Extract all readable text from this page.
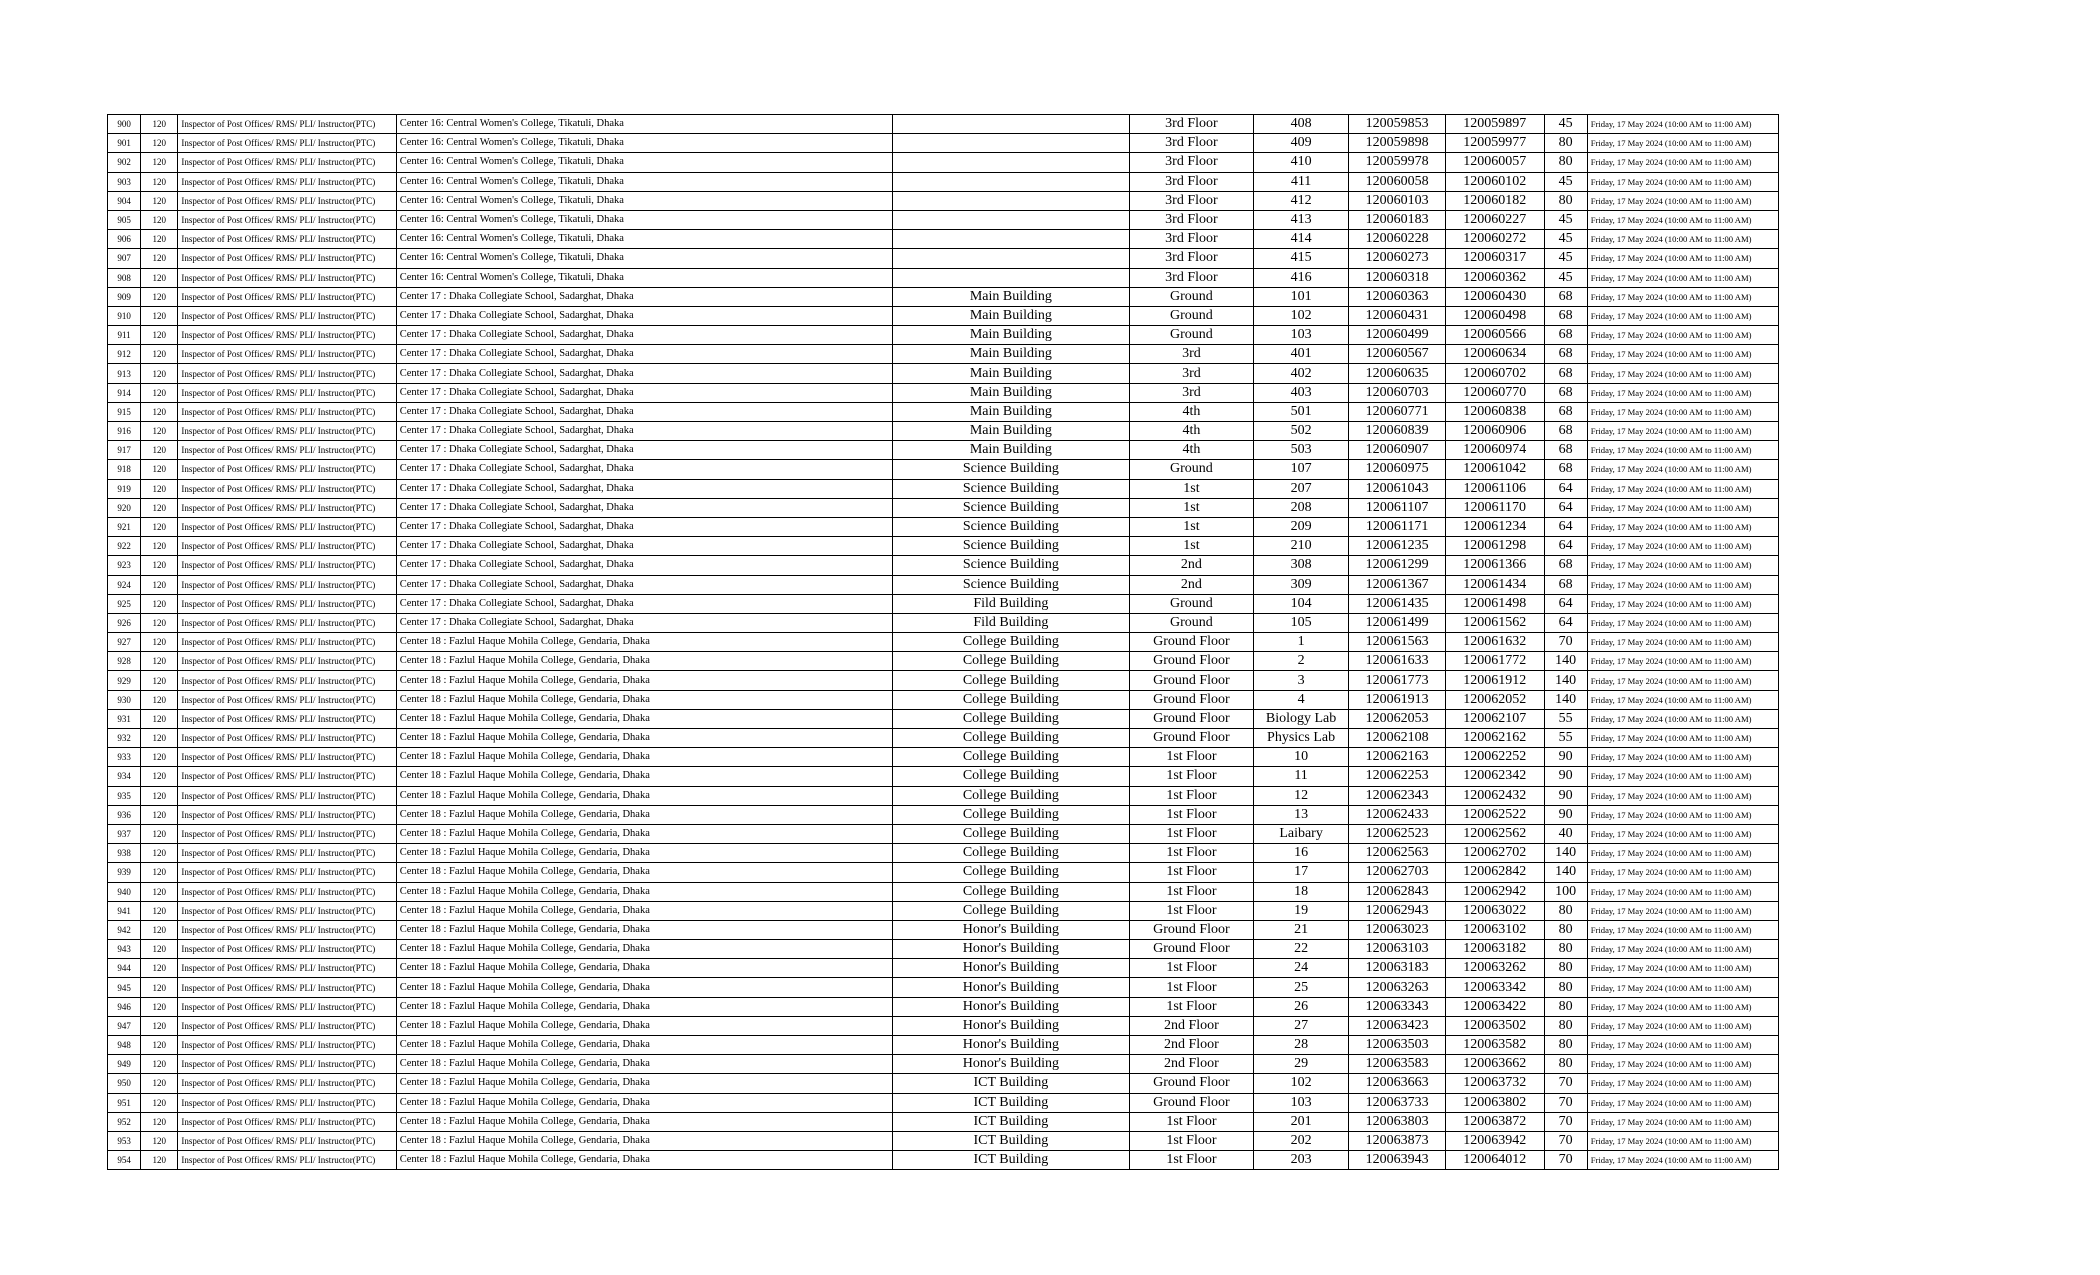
900	120	Inspector of Post Offices/ RMS/ PLI/ Instructor(PTC)	Center 16: Central Women's College, Tikatuli, Dhaka		3rd Floor	408	120059853	120059897	45	Friday, 17 May 2024 (10:00 AM to 11:00 AM)
901	120	Inspector of Post Offices/ RMS/ PLI/ Instructor(PTC)	Center 16: Central Women's College, Tikatuli, Dhaka		3rd Floor	409	120059898	120059977	80	Friday, 17 May 2024 (10:00 AM to 11:00 AM)
902	120	Inspector of Post Offices/ RMS/ PLI/ Instructor(PTC)	Center 16: Central Women's College, Tikatuli, Dhaka		3rd Floor	410	120059978	120060057	80	Friday, 17 May 2024 (10:00 AM to 11:00 AM)
903	120	Inspector of Post Offices/ RMS/ PLI/ Instructor(PTC)	Center 16: Central Women's College, Tikatuli, Dhaka		3rd Floor	411	120060058	120060102	45	Friday, 17 May 2024 (10:00 AM to 11:00 AM)
904	120	Inspector of Post Offices/ RMS/ PLI/ Instructor(PTC)	Center 16: Central Women's College, Tikatuli, Dhaka		3rd Floor	412	120060103	120060182	80	Friday, 17 May 2024 (10:00 AM to 11:00 AM)
905	120	Inspector of Post Offices/ RMS/ PLI/ Instructor(PTC)	Center 16: Central Women's College, Tikatuli, Dhaka		3rd Floor	413	120060183	120060227	45	Friday, 17 May 2024 (10:00 AM to 11:00 AM)
906	120	Inspector of Post Offices/ RMS/ PLI/ Instructor(PTC)	Center 16: Central Women's College, Tikatuli, Dhaka		3rd Floor	414	120060228	120060272	45	Friday, 17 May 2024 (10:00 AM to 11:00 AM)
907	120	Inspector of Post Offices/ RMS/ PLI/ Instructor(PTC)	Center 16: Central Women's College, Tikatuli, Dhaka		3rd Floor	415	120060273	120060317	45	Friday, 17 May 2024 (10:00 AM to 11:00 AM)
908	120	Inspector of Post Offices/ RMS/ PLI/ Instructor(PTC)	Center 16: Central Women's College, Tikatuli, Dhaka		3rd Floor	416	120060318	120060362	45	Friday, 17 May 2024 (10:00 AM to 11:00 AM)
909	120	Inspector of Post Offices/ RMS/ PLI/ Instructor(PTC)	Center 17 : Dhaka Collegiate School, Sadarghat, Dhaka	Main Building	Ground	101	120060363	120060430	68	Friday, 17 May 2024 (10:00 AM to 11:00 AM)
910	120	Inspector of Post Offices/ RMS/ PLI/ Instructor(PTC)	Center 17 : Dhaka Collegiate School, Sadarghat, Dhaka	Main Building	Ground	102	120060431	120060498	68	Friday, 17 May 2024 (10:00 AM to 11:00 AM)
911	120	Inspector of Post Offices/ RMS/ PLI/ Instructor(PTC)	Center 17 : Dhaka Collegiate School, Sadarghat, Dhaka	Main Building	Ground	103	120060499	120060566	68	Friday, 17 May 2024 (10:00 AM to 11:00 AM)
912	120	Inspector of Post Offices/ RMS/ PLI/ Instructor(PTC)	Center 17 : Dhaka Collegiate School, Sadarghat, Dhaka	Main Building	3rd	401	120060567	120060634	68	Friday, 17 May 2024 (10:00 AM to 11:00 AM)
913	120	Inspector of Post Offices/ RMS/ PLI/ Instructor(PTC)	Center 17 : Dhaka Collegiate School, Sadarghat, Dhaka	Main Building	3rd	402	120060635	120060702	68	Friday, 17 May 2024 (10:00 AM to 11:00 AM)
914	120	Inspector of Post Offices/ RMS/ PLI/ Instructor(PTC)	Center 17 : Dhaka Collegiate School, Sadarghat, Dhaka	Main Building	3rd	403	120060703	120060770	68	Friday, 17 May 2024 (10:00 AM to 11:00 AM)
915	120	Inspector of Post Offices/ RMS/ PLI/ Instructor(PTC)	Center 17 : Dhaka Collegiate School, Sadarghat, Dhaka	Main Building	4th	501	120060771	120060838	68	Friday, 17 May 2024 (10:00 AM to 11:00 AM)
916	120	Inspector of Post Offices/ RMS/ PLI/ Instructor(PTC)	Center 17 : Dhaka Collegiate School, Sadarghat, Dhaka	Main Building	4th	502	120060839	120060906	68	Friday, 17 May 2024 (10:00 AM to 11:00 AM)
917	120	Inspector of Post Offices/ RMS/ PLI/ Instructor(PTC)	Center 17 : Dhaka Collegiate School, Sadarghat, Dhaka	Main Building	4th	503	120060907	120060974	68	Friday, 17 May 2024 (10:00 AM to 11:00 AM)
918	120	Inspector of Post Offices/ RMS/ PLI/ Instructor(PTC)	Center 17 : Dhaka Collegiate School, Sadarghat, Dhaka	Science Building	Ground	107	120060975	120061042	68	Friday, 17 May 2024 (10:00 AM to 11:00 AM)
919	120	Inspector of Post Offices/ RMS/ PLI/ Instructor(PTC)	Center 17 : Dhaka Collegiate School, Sadarghat, Dhaka	Science Building	1st	207	120061043	120061106	64	Friday, 17 May 2024 (10:00 AM to 11:00 AM)
920	120	Inspector of Post Offices/ RMS/ PLI/ Instructor(PTC)	Center 17 : Dhaka Collegiate School, Sadarghat, Dhaka	Science Building	1st	208	120061107	120061170	64	Friday, 17 May 2024 (10:00 AM to 11:00 AM)
921	120	Inspector of Post Offices/ RMS/ PLI/ Instructor(PTC)	Center 17 : Dhaka Collegiate School, Sadarghat, Dhaka	Science Building	1st	209	120061171	120061234	64	Friday, 17 May 2024 (10:00 AM to 11:00 AM)
922	120	Inspector of Post Offices/ RMS/ PLI/ Instructor(PTC)	Center 17 : Dhaka Collegiate School, Sadarghat, Dhaka	Science Building	1st	210	120061235	120061298	64	Friday, 17 May 2024 (10:00 AM to 11:00 AM)
923	120	Inspector of Post Offices/ RMS/ PLI/ Instructor(PTC)	Center 17 : Dhaka Collegiate School, Sadarghat, Dhaka	Science Building	2nd	308	120061299	120061366	68	Friday, 17 May 2024 (10:00 AM to 11:00 AM)
924	120	Inspector of Post Offices/ RMS/ PLI/ Instructor(PTC)	Center 17 : Dhaka Collegiate School, Sadarghat, Dhaka	Science Building	2nd	309	120061367	120061434	68	Friday, 17 May 2024 (10:00 AM to 11:00 AM)
925	120	Inspector of Post Offices/ RMS/ PLI/ Instructor(PTC)	Center 17 : Dhaka Collegiate School, Sadarghat, Dhaka	Fild Building	Ground	104	120061435	120061498	64	Friday, 17 May 2024 (10:00 AM to 11:00 AM)
926	120	Inspector of Post Offices/ RMS/ PLI/ Instructor(PTC)	Center 17 : Dhaka Collegiate School, Sadarghat, Dhaka	Fild Building	Ground	105	120061499	120061562	64	Friday, 17 May 2024 (10:00 AM to 11:00 AM)
927	120	Inspector of Post Offices/ RMS/ PLI/ Instructor(PTC)	Center 18 : Fazlul Haque Mohila College, Gendaria, Dhaka	College Building	Ground Floor	1	120061563	120061632	70	Friday, 17 May 2024 (10:00 AM to 11:00 AM)
928	120	Inspector of Post Offices/ RMS/ PLI/ Instructor(PTC)	Center 18 : Fazlul Haque Mohila College, Gendaria, Dhaka	College Building	Ground Floor	2	120061633	120061772	140	Friday, 17 May 2024 (10:00 AM to 11:00 AM)
929	120	Inspector of Post Offices/ RMS/ PLI/ Instructor(PTC)	Center 18 : Fazlul Haque Mohila College, Gendaria, Dhaka	College Building	Ground Floor	3	120061773	120061912	140	Friday, 17 May 2024 (10:00 AM to 11:00 AM)
930	120	Inspector of Post Offices/ RMS/ PLI/ Instructor(PTC)	Center 18 : Fazlul Haque Mohila College, Gendaria, Dhaka	College Building	Ground Floor	4	120061913	120062052	140	Friday, 17 May 2024 (10:00 AM to 11:00 AM)
931	120	Inspector of Post Offices/ RMS/ PLI/ Instructor(PTC)	Center 18 : Fazlul Haque Mohila College, Gendaria, Dhaka	College Building	Ground Floor	Biology Lab	120062053	120062107	55	Friday, 17 May 2024 (10:00 AM to 11:00 AM)
932	120	Inspector of Post Offices/ RMS/ PLI/ Instructor(PTC)	Center 18 : Fazlul Haque Mohila College, Gendaria, Dhaka	College Building	Ground Floor	Physics Lab	120062108	120062162	55	Friday, 17 May 2024 (10:00 AM to 11:00 AM)
933	120	Inspector of Post Offices/ RMS/ PLI/ Instructor(PTC)	Center 18 : Fazlul Haque Mohila College, Gendaria, Dhaka	College Building	1st Floor	10	120062163	120062252	90	Friday, 17 May 2024 (10:00 AM to 11:00 AM)
934	120	Inspector of Post Offices/ RMS/ PLI/ Instructor(PTC)	Center 18 : Fazlul Haque Mohila College, Gendaria, Dhaka	College Building	1st Floor	11	120062253	120062342	90	Friday, 17 May 2024 (10:00 AM to 11:00 AM)
935	120	Inspector of Post Offices/ RMS/ PLI/ Instructor(PTC)	Center 18 : Fazlul Haque Mohila College, Gendaria, Dhaka	College Building	1st Floor	12	120062343	120062432	90	Friday, 17 May 2024 (10:00 AM to 11:00 AM)
936	120	Inspector of Post Offices/ RMS/ PLI/ Instructor(PTC)	Center 18 : Fazlul Haque Mohila College, Gendaria, Dhaka	College Building	1st Floor	13	120062433	120062522	90	Friday, 17 May 2024 (10:00 AM to 11:00 AM)
937	120	Inspector of Post Offices/ RMS/ PLI/ Instructor(PTC)	Center 18 : Fazlul Haque Mohila College, Gendaria, Dhaka	College Building	1st Floor	Laibary	120062523	120062562	40	Friday, 17 May 2024 (10:00 AM to 11:00 AM)
938	120	Inspector of Post Offices/ RMS/ PLI/ Instructor(PTC)	Center 18 : Fazlul Haque Mohila College, Gendaria, Dhaka	College Building	1st Floor	16	120062563	120062702	140	Friday, 17 May 2024 (10:00 AM to 11:00 AM)
939	120	Inspector of Post Offices/ RMS/ PLI/ Instructor(PTC)	Center 18 : Fazlul Haque Mohila College, Gendaria, Dhaka	College Building	1st Floor	17	120062703	120062842	140	Friday, 17 May 2024 (10:00 AM to 11:00 AM)
940	120	Inspector of Post Offices/ RMS/ PLI/ Instructor(PTC)	Center 18 : Fazlul Haque Mohila College, Gendaria, Dhaka	College Building	1st Floor	18	120062843	120062942	100	Friday, 17 May 2024 (10:00 AM to 11:00 AM)
941	120	Inspector of Post Offices/ RMS/ PLI/ Instructor(PTC)	Center 18 : Fazlul Haque Mohila College, Gendaria, Dhaka	College Building	1st Floor	19	120062943	120063022	80	Friday, 17 May 2024 (10:00 AM to 11:00 AM)
942	120	Inspector of Post Offices/ RMS/ PLI/ Instructor(PTC)	Center 18 : Fazlul Haque Mohila College, Gendaria, Dhaka	Honor's Building	Ground Floor	21	120063023	120063102	80	Friday, 17 May 2024 (10:00 AM to 11:00 AM)
943	120	Inspector of Post Offices/ RMS/ PLI/ Instructor(PTC)	Center 18 : Fazlul Haque Mohila College, Gendaria, Dhaka	Honor's Building	Ground Floor	22	120063103	120063182	80	Friday, 17 May 2024 (10:00 AM to 11:00 AM)
944	120	Inspector of Post Offices/ RMS/ PLI/ Instructor(PTC)	Center 18 : Fazlul Haque Mohila College, Gendaria, Dhaka	Honor's Building	1st Floor	24	120063183	120063262	80	Friday, 17 May 2024 (10:00 AM to 11:00 AM)
945	120	Inspector of Post Offices/ RMS/ PLI/ Instructor(PTC)	Center 18 : Fazlul Haque Mohila College, Gendaria, Dhaka	Honor's Building	1st Floor	25	120063263	120063342	80	Friday, 17 May 2024 (10:00 AM to 11:00 AM)
946	120	Inspector of Post Offices/ RMS/ PLI/ Instructor(PTC)	Center 18 : Fazlul Haque Mohila College, Gendaria, Dhaka	Honor's Building	1st Floor	26	120063343	120063422	80	Friday, 17 May 2024 (10:00 AM to 11:00 AM)
947	120	Inspector of Post Offices/ RMS/ PLI/ Instructor(PTC)	Center 18 : Fazlul Haque Mohila College, Gendaria, Dhaka	Honor's Building	2nd Floor	27	120063423	120063502	80	Friday, 17 May 2024 (10:00 AM to 11:00 AM)
948	120	Inspector of Post Offices/ RMS/ PLI/ Instructor(PTC)	Center 18 : Fazlul Haque Mohila College, Gendaria, Dhaka	Honor's Building	2nd Floor	28	120063503	120063582	80	Friday, 17 May 2024 (10:00 AM to 11:00 AM)
949	120	Inspector of Post Offices/ RMS/ PLI/ Instructor(PTC)	Center 18 : Fazlul Haque Mohila College, Gendaria, Dhaka	Honor's Building	2nd Floor	29	120063583	120063662	80	Friday, 17 May 2024 (10:00 AM to 11:00 AM)
950	120	Inspector of Post Offices/ RMS/ PLI/ Instructor(PTC)	Center 18 : Fazlul Haque Mohila College, Gendaria, Dhaka	ICT Building	Ground Floor	102	120063663	120063732	70	Friday, 17 May 2024 (10:00 AM to 11:00 AM)
951	120	Inspector of Post Offices/ RMS/ PLI/ Instructor(PTC)	Center 18 : Fazlul Haque Mohila College, Gendaria, Dhaka	ICT Building	Ground Floor	103	120063733	120063802	70	Friday, 17 May 2024 (10:00 AM to 11:00 AM)
952	120	Inspector of Post Offices/ RMS/ PLI/ Instructor(PTC)	Center 18 : Fazlul Haque Mohila College, Gendaria, Dhaka	ICT Building	1st Floor	201	120063803	120063872	70	Friday, 17 May 2024 (10:00 AM to 11:00 AM)
953	120	Inspector of Post Offices/ RMS/ PLI/ Instructor(PTC)	Center 18 : Fazlul Haque Mohila College, Gendaria, Dhaka	ICT Building	1st Floor	202	120063873	120063942	70	Friday, 17 May 2024 (10:00 AM to 11:00 AM)
954	120	Inspector of Post Offices/ RMS/ PLI/ Instructor(PTC)	Center 18 : Fazlul Haque Mohila College, Gendaria, Dhaka	ICT Building	1st Floor	203	120063943	120064012	70	Friday, 17 May 2024 (10:00 AM to 11:00 AM)
